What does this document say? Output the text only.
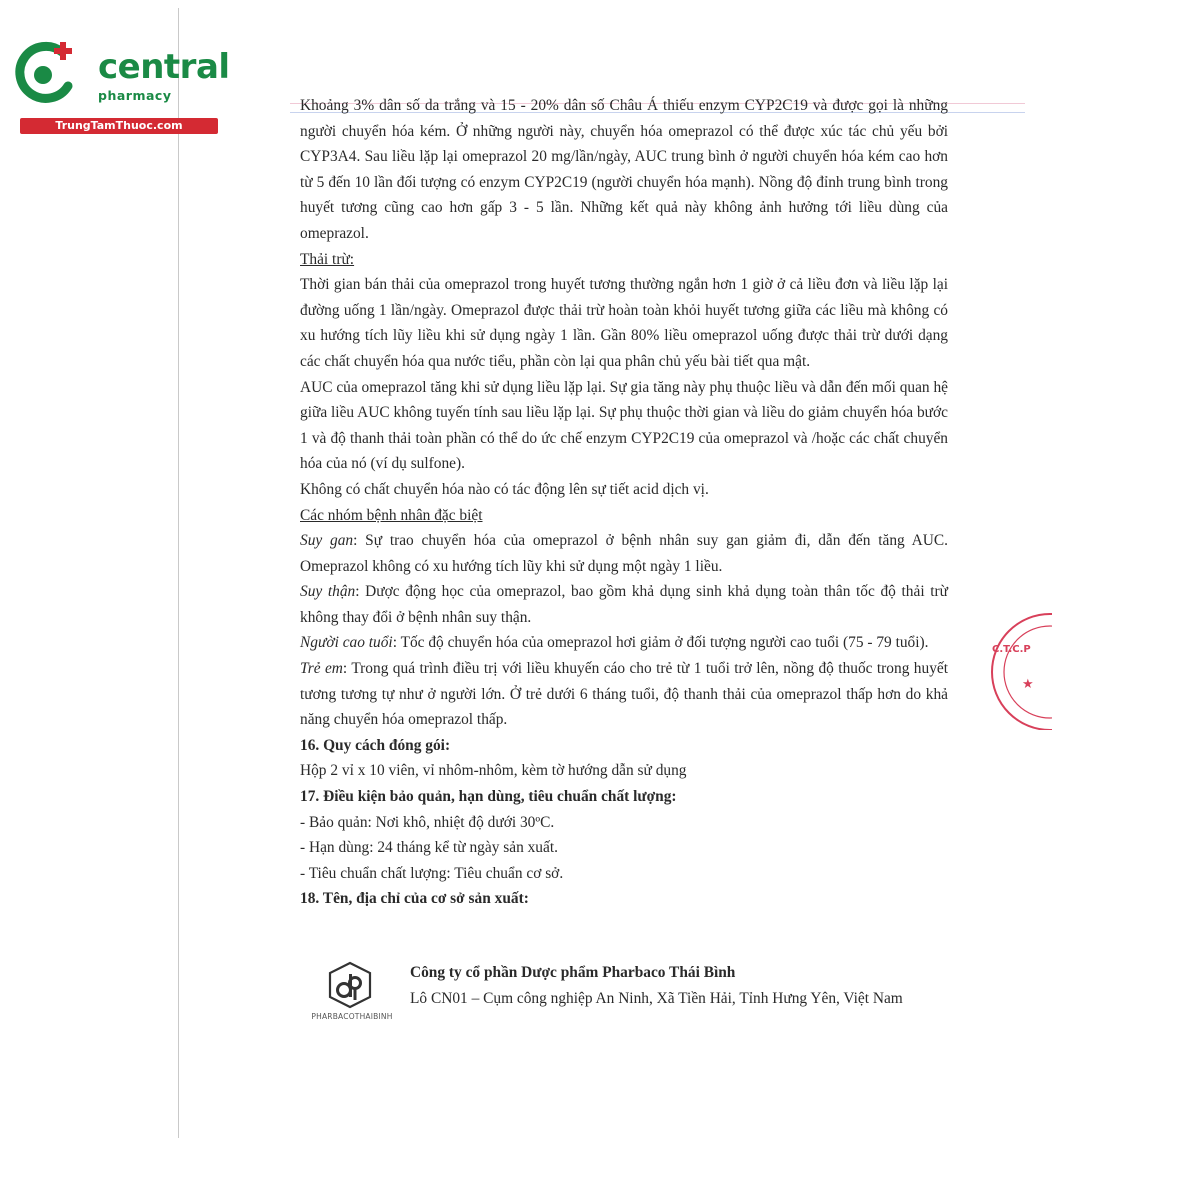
central
pharmacy
TrungTamThuoc.com

Khoảng 3% dân số da trắng và 15 - 20% dân số Châu Á thiếu enzym CYP2C19 và được gọi là những người chuyển hóa kém. Ở những người này, chuyển hóa omeprazol có thể được xúc tác chủ yếu bởi CYP3A4. Sau liều lặp lại omeprazol 20 mg/lần/ngày, AUC trung bình ở người chuyển hóa kém cao hơn từ 5 đến 10 lần đối tượng có enzym CYP2C19 (người chuyển hóa mạnh). Nồng độ đỉnh trung bình trong huyết tương cũng cao hơn gấp 3 - 5 lần. Những kết quả này không ảnh hưởng tới liều dùng của omeprazol.

Thải trừ:

Thời gian bán thải của omeprazol trong huyết tương thường ngắn hơn 1 giờ ở cả liều đơn và liều lặp lại đường uống 1 lần/ngày. Omeprazol được thải trừ hoàn toàn khỏi huyết tương giữa các liều mà không có xu hướng tích lũy liều khi sử dụng ngày 1 lần. Gần 80% liều omeprazol uống được thải trừ dưới dạng các chất chuyển hóa qua nước tiểu, phần còn lại qua phân chủ yếu bài tiết qua mật.

AUC của omeprazol tăng khi sử dụng liều lặp lại. Sự gia tăng này phụ thuộc liều và dẫn đến mối quan hệ giữa liều AUC không tuyến tính sau liều lặp lại. Sự phụ thuộc thời gian và liều do giảm chuyển hóa bước 1 và độ thanh thải toàn phần có thể do ức chế enzym CYP2C19 của omeprazol và /hoặc các chất chuyển hóa của nó (ví dụ sulfone).

Không có chất chuyển hóa nào có tác động lên sự tiết acid dịch vị.

Các nhóm bệnh nhân đặc biệt

Suy gan: Sự trao chuyển hóa của omeprazol ở bệnh nhân suy gan giảm đi, dẫn đến tăng AUC. Omeprazol không có xu hướng tích lũy khi sử dụng một ngày 1 liều.

Suy thận: Dược động học của omeprazol, bao gồm khả dụng sinh khả dụng toàn thân tốc độ thải trừ không thay đổi ở bệnh nhân suy thận.

Người cao tuổi: Tốc độ chuyển hóa của omeprazol hơi giảm ở đối tượng người cao tuổi (75 - 79 tuổi).

Trẻ em: Trong quá trình điều trị với liều khuyến cáo cho trẻ từ 1 tuổi trở lên, nồng độ thuốc trong huyết tương tương tự như ở người lớn. Ở trẻ dưới 6 tháng tuổi, độ thanh thải của omeprazol thấp hơn do khả năng chuyển hóa omeprazol thấp.

16. Quy cách đóng gói:

Hộp 2 vỉ x 10 viên, vỉ nhôm-nhôm, kèm tờ hướng dẫn sử dụng

17. Điều kiện bảo quản, hạn dùng, tiêu chuẩn chất lượng:

- Bảo quản: Nơi khô, nhiệt độ dưới 30ºC.

- Hạn dùng: 24 tháng kể từ ngày sản xuất.

- Tiêu chuẩn chất lượng: Tiêu chuẩn cơ sở.

18. Tên, địa chỉ của cơ sở sản xuất:

PHARBACOTHAIBINH
Công ty cổ phần Dược phẩm Pharbaco Thái Bình
Lô CN01 – Cụm công nghiệp An Ninh, Xã Tiền Hải, Tỉnh Hưng Yên, Việt Nam
C.T.C.P
★
